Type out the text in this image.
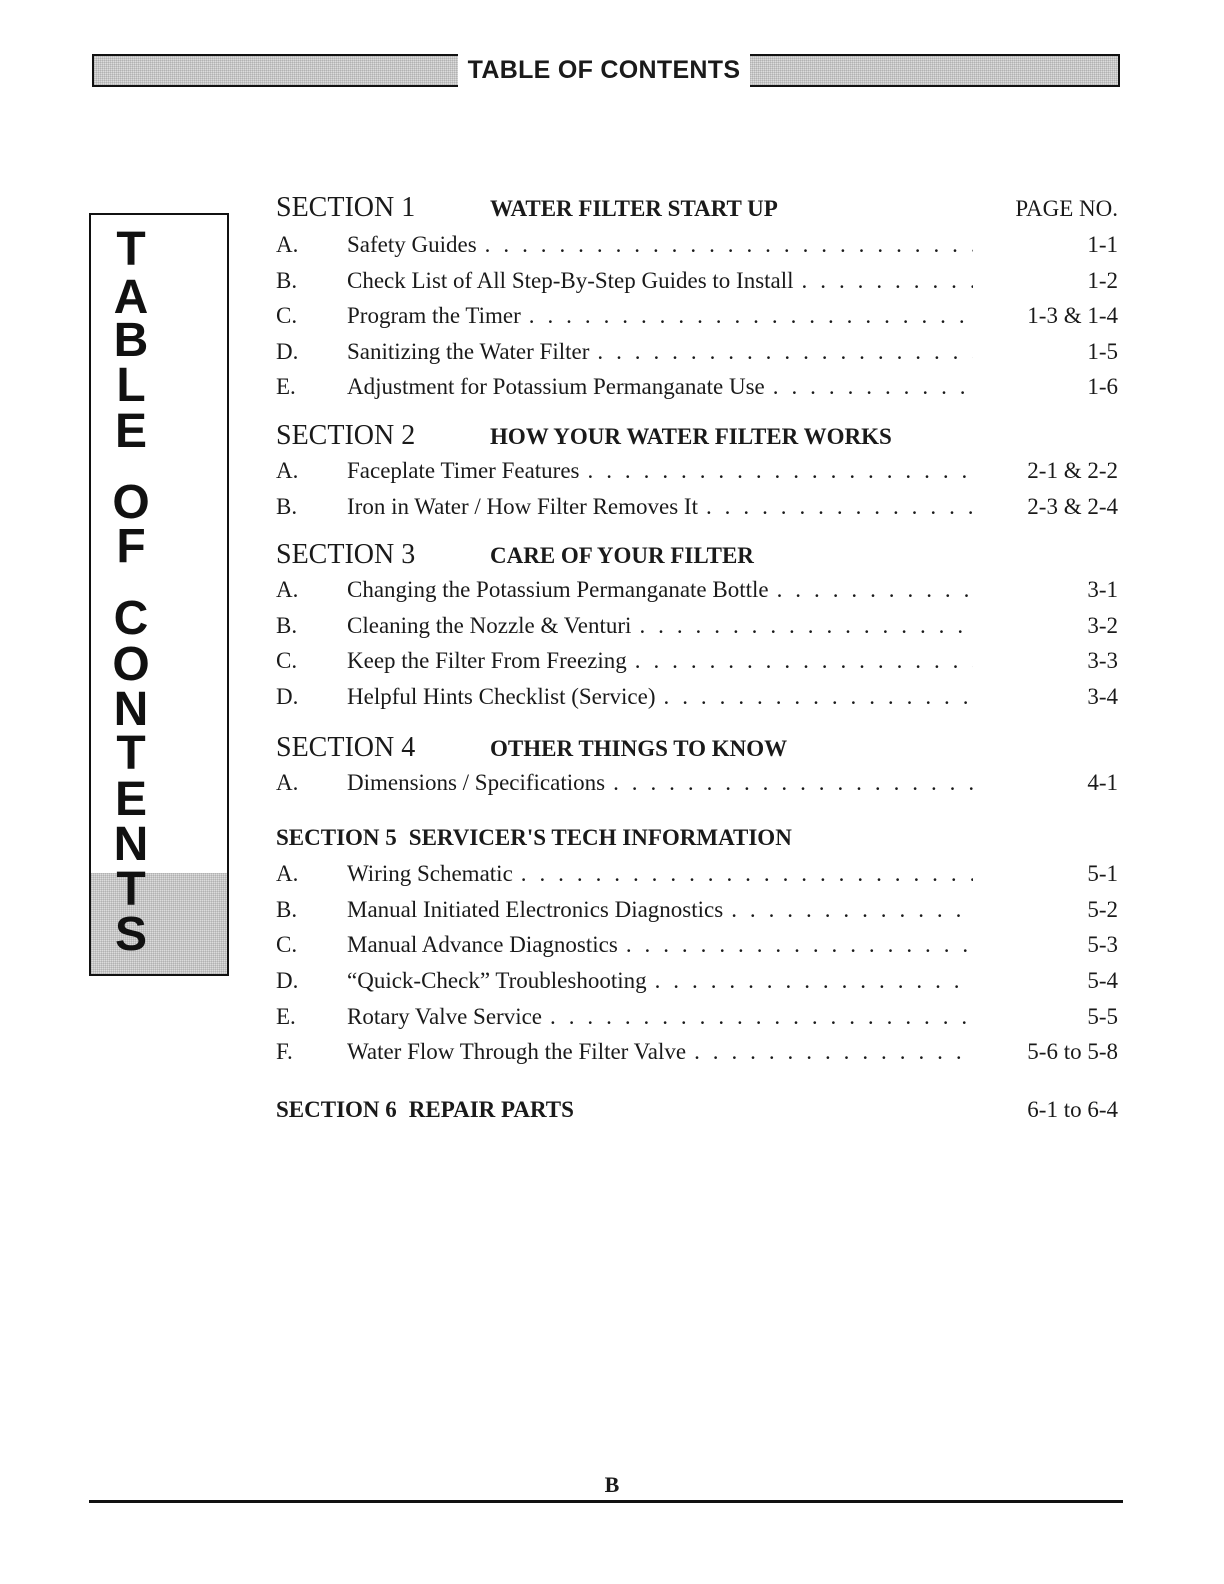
TABLE OF CONTENTS
T
A
B
L
E
O
F
C
O
N
T
E
N
T
S
SECTION 1	WATER FILTER START UP	PAGE NO.
A.	Safety Guides . . .	1-1
B.	Check List of All Step-By-Step Guides to Install . . .	1-2
C.	Program the Timer . . .	1-3 & 1-4
D.	Sanitizing the Water Filter . . .	1-5
E.	Adjustment for Potassium Permanganate Use . . .	1-6
SECTION 2	HOW YOUR WATER FILTER WORKS
A.	Faceplate Timer Features . . .	2-1 & 2-2
B.	Iron in Water / How Filter Removes It . . .	2-3 & 2-4
SECTION 3	CARE OF YOUR FILTER
A.	Changing the Potassium Permanganate Bottle . . .	3-1
B.	Cleaning the Nozzle & Venturi . . .	3-2
C.	Keep the Filter From Freezing . . .	3-3
D.	Helpful Hints Checklist (Service) . . .	3-4
SECTION 4	OTHER THINGS TO KNOW
A.	Dimensions / Specifications . . .	4-1
SECTION 5 SERVICER'S TECH INFORMATION
A.	Wiring Schematic . . .	5-1
B.	Manual Initiated Electronics Diagnostics . . .	5-2
C.	Manual Advance Diagnostics . . .	5-3
D.	“Quick-Check” Troubleshooting . . .	5-4
E.	Rotary Valve Service . . .	5-5
F.	Water Flow Through the Filter Valve . . .	5-6 to 5-8
SECTION 6 REPAIR PARTS	6-1 to 6-4
B
